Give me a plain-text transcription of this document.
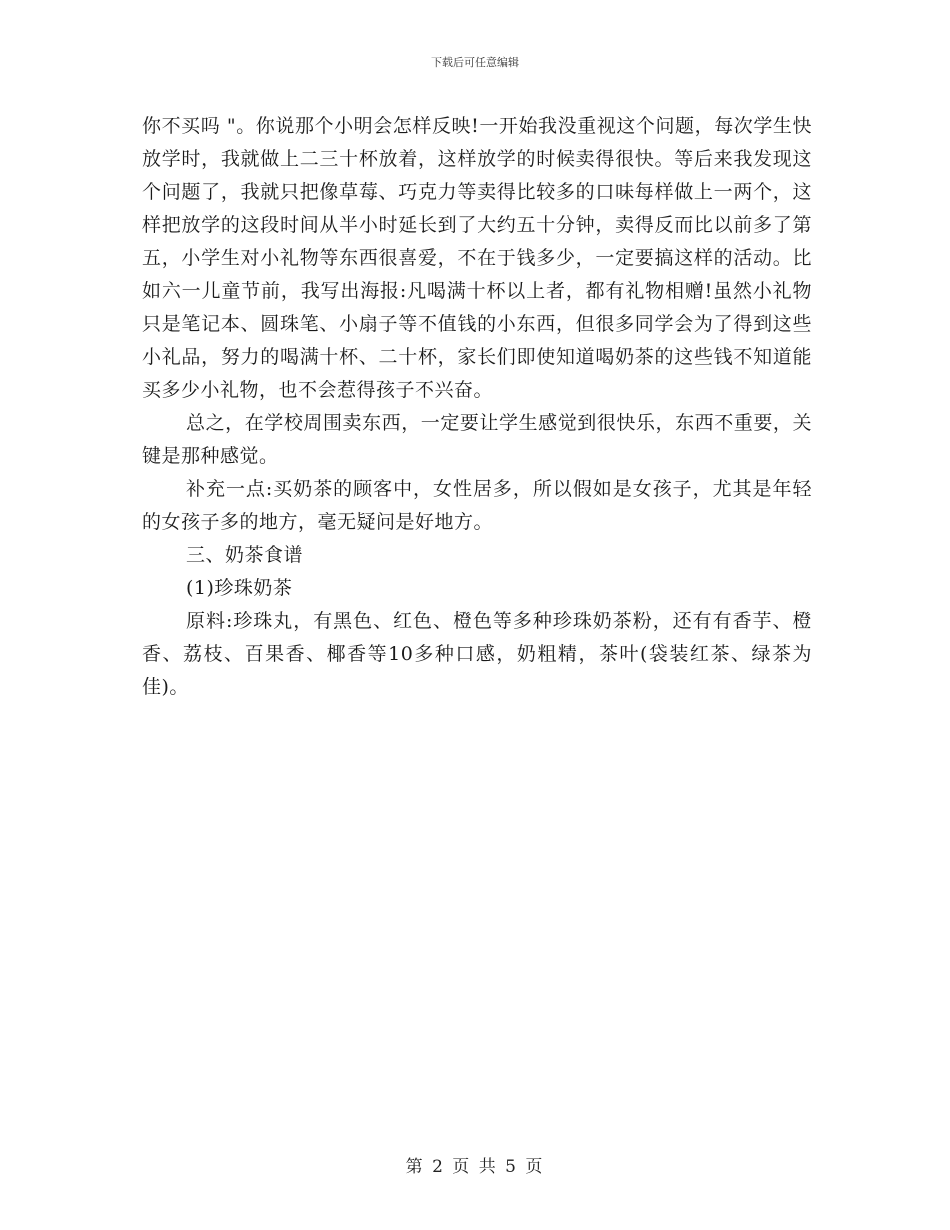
下载后可任意编辑

你不买吗 "。你说那个小明会怎样反映!一开始我没重视这个问题，每次学生快放学时，我就做上二三十杯放着，这样放学的时候卖得很快。等后来我发现这个问题了，我就只把像草莓、巧克力等卖得比较多的口味每样做上一两个，这样把放学的这段时间从半小时延长到了大约五十分钟，卖得反而比以前多了第五，小学生对小礼物等东西很喜爱，不在于钱多少，一定要搞这样的活动。比如六一儿童节前，我写出海报:凡喝满十杯以上者，都有礼物相赠!虽然小礼物只是笔记本、圆珠笔、小扇子等不值钱的小东西，但很多同学会为了得到这些小礼品，努力的喝满十杯、二十杯，家长们即使知道喝奶茶的这些钱不知道能买多少小礼物，也不会惹得孩子不兴奋。

总之，在学校周围卖东西，一定要让学生感觉到很快乐，东西不重要，关键是那种感觉。

补充一点:买奶茶的顾客中，女性居多，所以假如是女孩子，尤其是年轻的女孩子多的地方，毫无疑问是好地方。

三、奶茶食谱

(1)珍珠奶茶

原料:珍珠丸，有黑色、红色、橙色等多种珍珠奶茶粉，还有有香芋、橙香、荔枝、百果香、椰香等10多种口感，奶粗精，茶叶(袋装红茶、绿茶为佳)。

第 2 页 共 5 页
